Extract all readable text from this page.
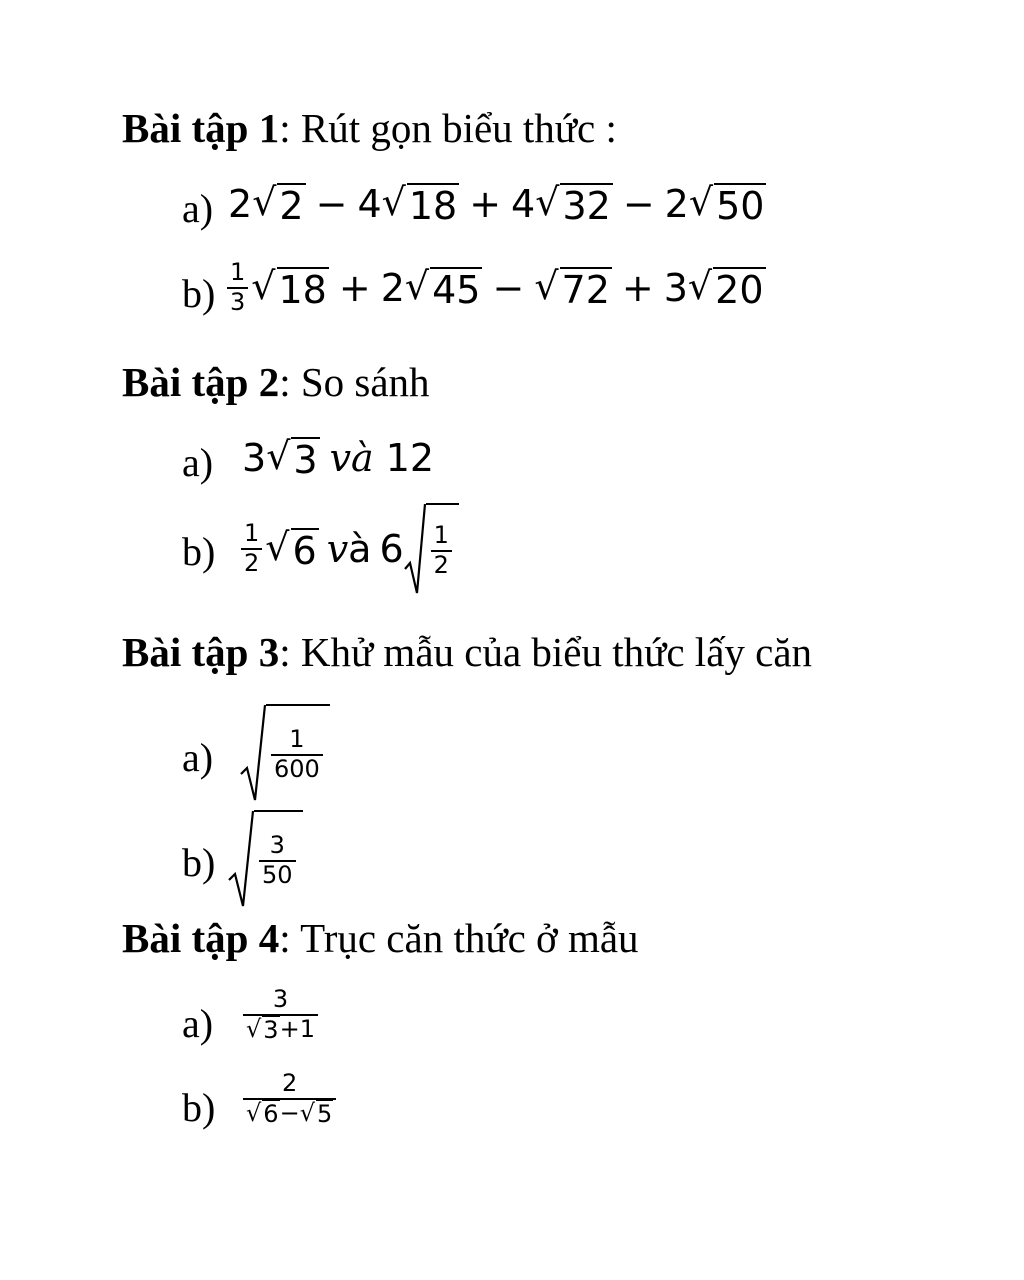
Bài tập 1: Rút gọn biểu thức :
a) 2 √ 2 − 4 √ 18 + 4 √ 32 − 2 √ 50
$b) \frac{1}{3}$ √ 18 + 2 √ 45 − √ 72 + 3 √ 20
Bài tập 2: So sánh
a) 3 √ 3 và 12
$b) \frac{1}{2}$ √ 6 và $6 \frac{1}{2}$
Bài tập 3: Khử mẫu của biểu thức lấy căn
$a) \frac{1}{600}$
$b) \frac{3}{50}$
Bài tập 4: Trục căn thức ở mẫu
$a) \frac{3}{√ 3 +1}$
$b) \frac{2}{√ 6 - √ 5}$
